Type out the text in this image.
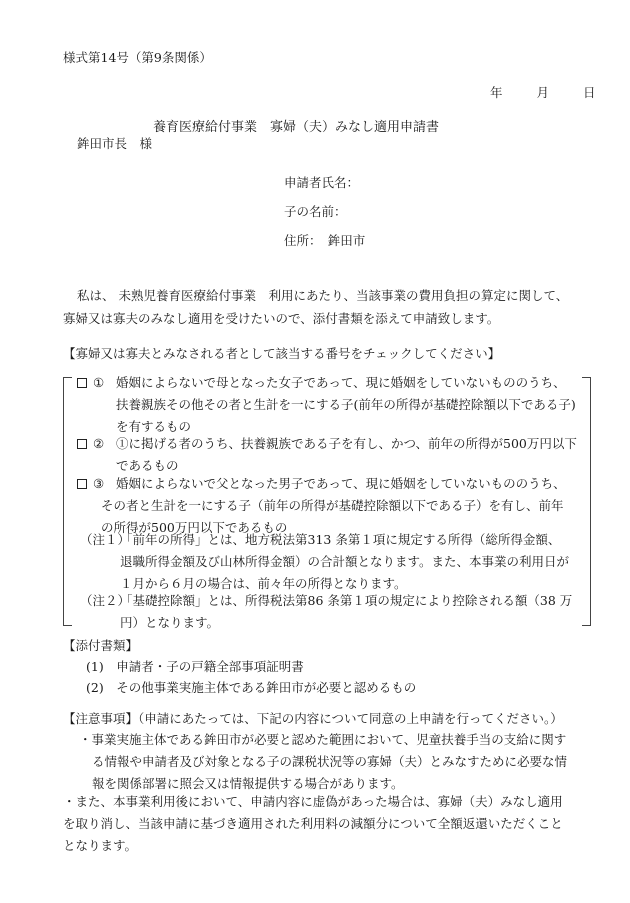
様式第14号（第9条関係）
年	月	日
養育医療給付事業　寡婦（夫）みなし適用申請書
鉾田市長　様
申請者氏名：
子の名前：
住所：　 鉾田市
私は、 未熟児養育医療給付事業　利用にあたり、当該事業の費用負担の算定に関して、
寡婦又は寡夫のみなし適用を受けたいので、添付書類を添えて申請致します。
【寡婦又は寡夫とみなされる者として該当する番号をチェックしてください】
① 婚姻によらないで母となった女子であって、現に婚姻をしていないもののうち、
扶養親族その他その者と生計を一にする子(前年の所得が基礎控除額以下である子)
を有するもの
② ①に掲げる者のうち、扶養親族である子を有し、かつ、前年の所得が500万円以下
であるもの
③ 婚姻によらないで父となった男子であって、現に婚姻をしていないもののうち、
その者と生計を一にする子（前年の所得が基礎控除額以下である子）を有し、前年
の所得が500万円以下であるもの
（注１）
「前年の所得」とは、地方税法第313 条第１項に規定する所得（総所得金額、
退職所得金額及び山林所得金額）の合計額となります。また、本事業の利用日が
１月から６月の場合は、前々年の所得となります。
（注２）
「基礎控除額」とは、所得税法第86 条第１項の規定により控除される額（38 万
円）となります。
【添付書類】
(1)　 申請者・子の戸籍全部事項証明書
(2)　 その他事業実施主体である鉾田市が必要と認めるもの
【注意事項】（申請にあたっては、下記の内容について同意の上申請を行ってください。）
・事業実施主体である鉾田市が必要と認めた範囲において、児童扶養手当の支給に関す
る情報や申請者及び対象となる子の課税状況等の寡婦（夫）とみなすために必要な情
報を関係部署に照会又は情報提供する場合があります。
・また、本事業利用後において、申請内容に虚偽があった場合は、寡婦（夫）みなし適用
を取り消し、当該申請に基づき適用された利用料の減額分について全額返還いただくこと
となります。
